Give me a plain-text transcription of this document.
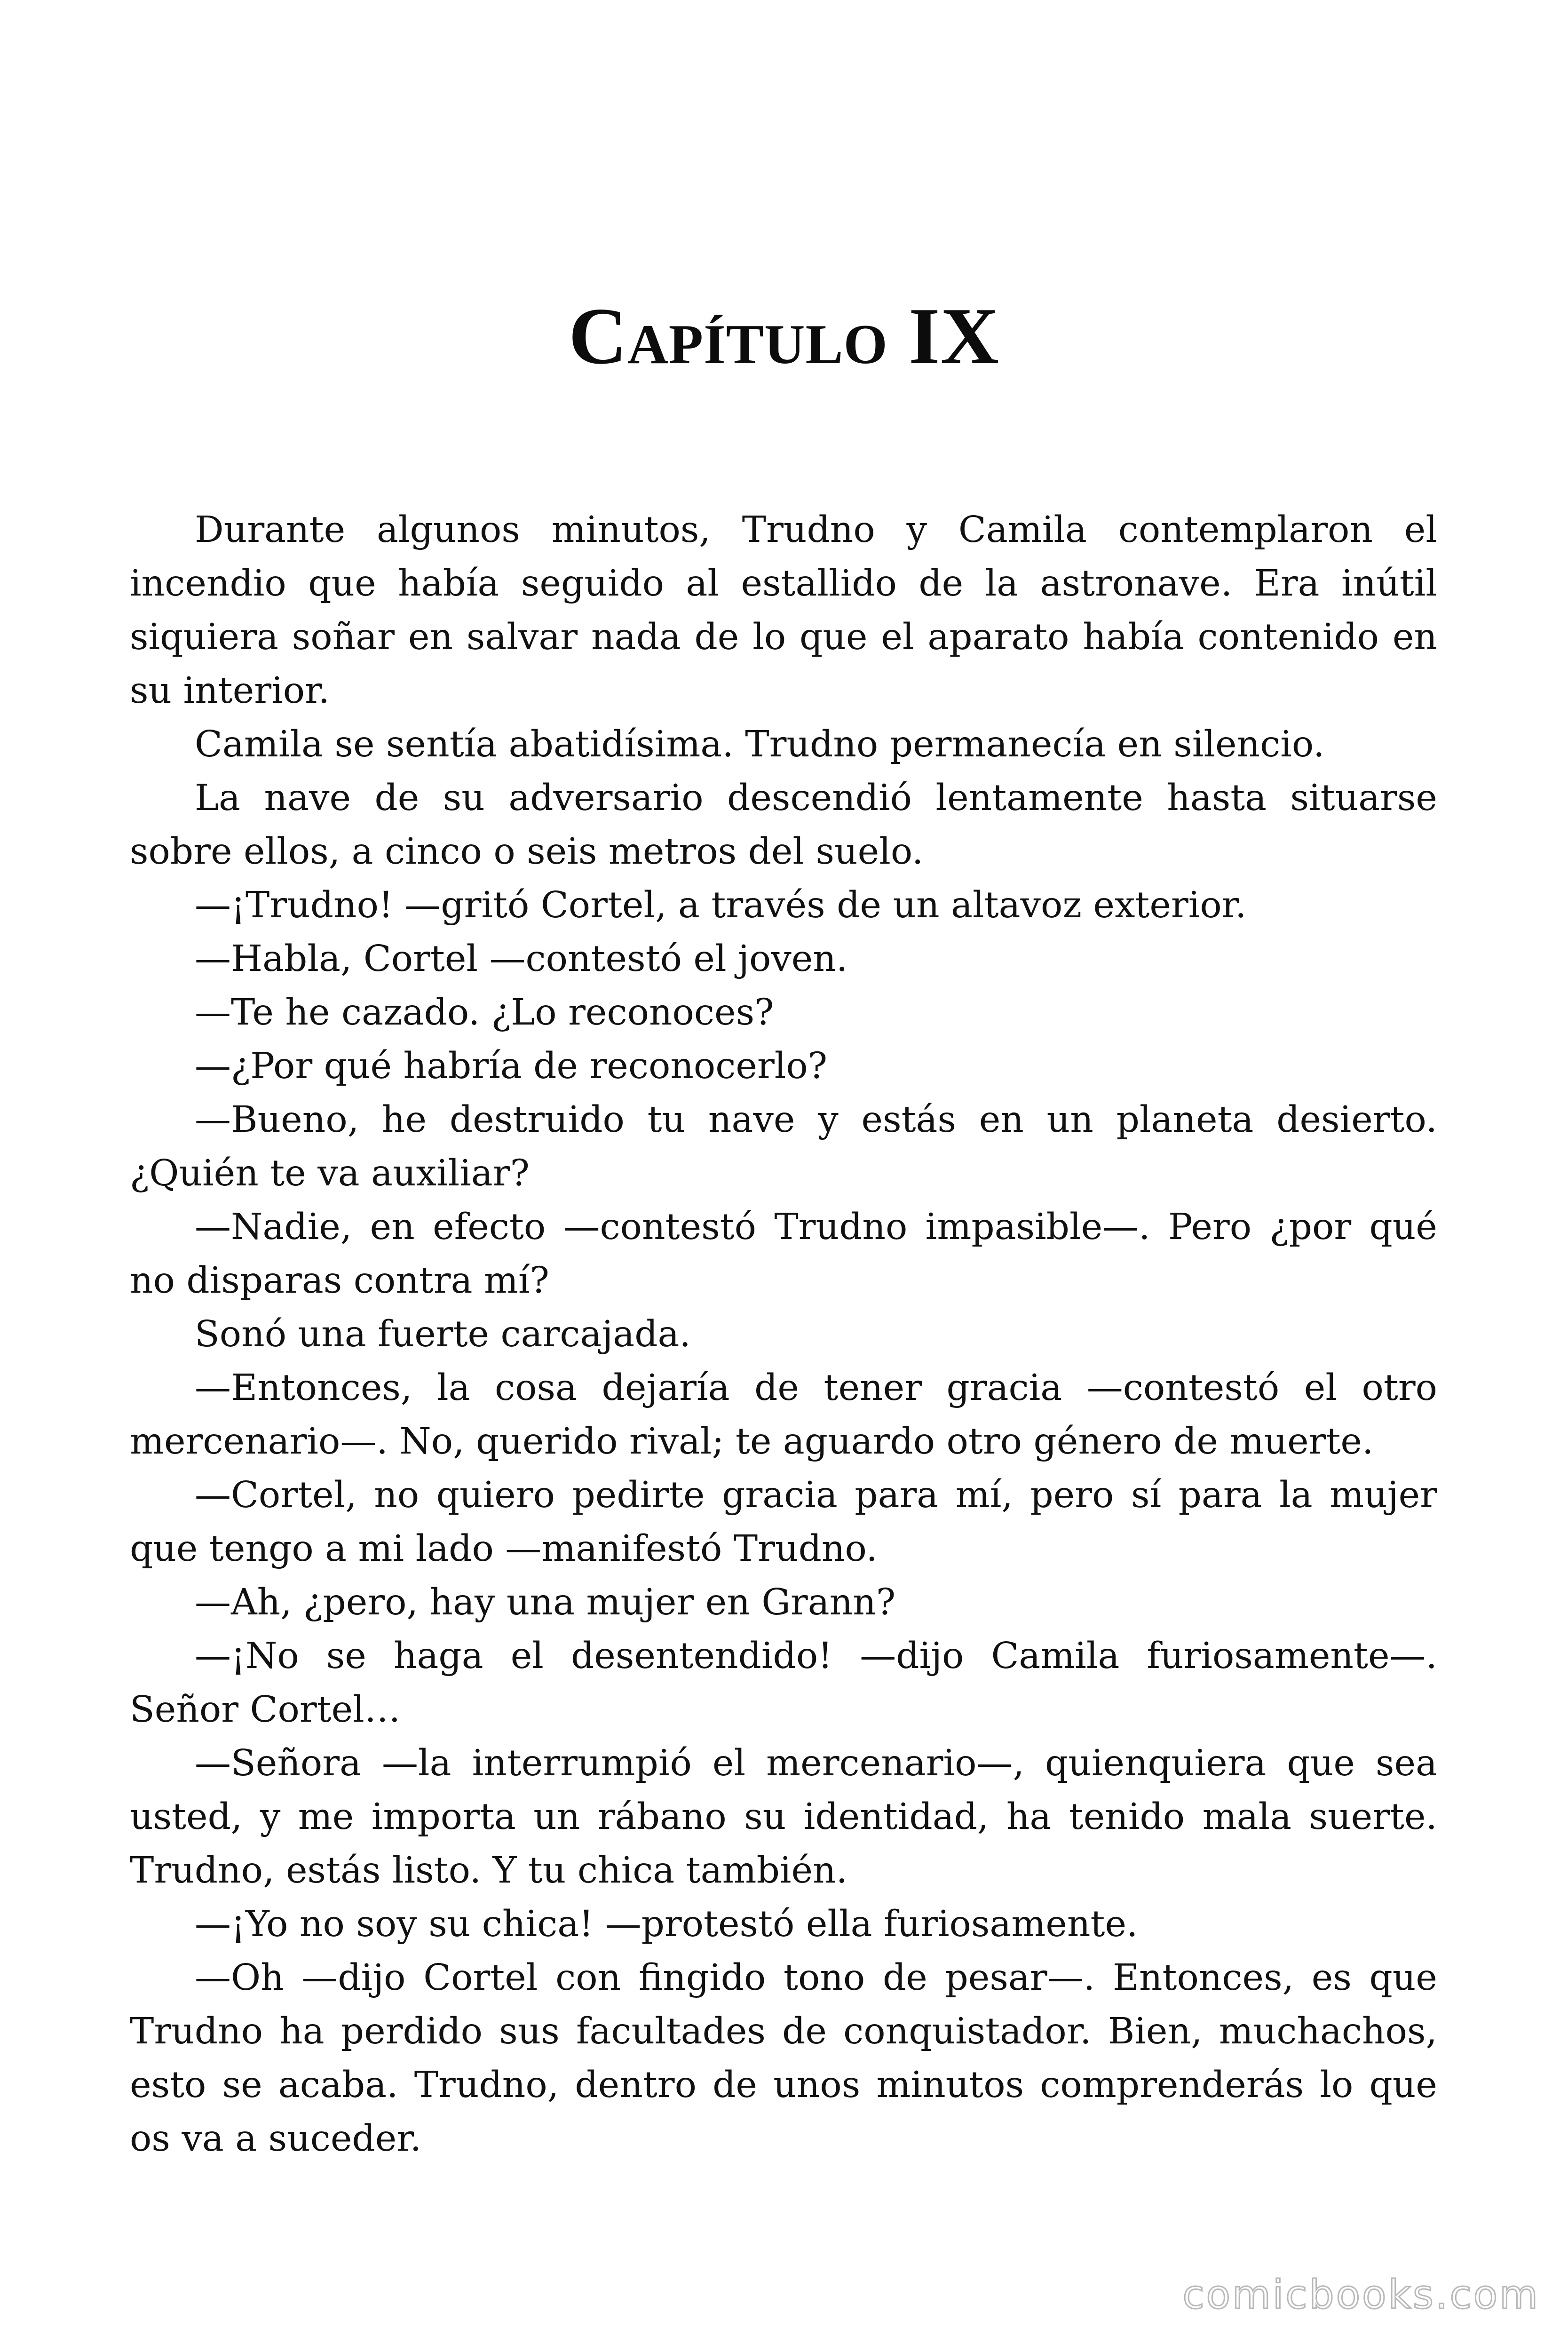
Capítulo IX

Durante algunos minutos, Trudno y Camila contemplaron el incendio que había seguido al estallido de la astronave. Era inútil siquiera soñar en salvar nada de lo que el aparato había contenido en su interior.

Camila se sentía abatidísima. Trudno permanecía en silencio.

La nave de su adversario descendió lentamente hasta situarse sobre ellos, a cinco o seis metros del suelo.

—¡Trudno! —gritó Cortel, a través de un altavoz exterior.

—Habla, Cortel —contestó el joven.

—Te he cazado. ¿Lo reconoces?

—¿Por qué habría de reconocerlo?

—Bueno, he destruido tu nave y estás en un planeta desierto. ¿Quién te va auxiliar?

—Nadie, en efecto —contestó Trudno impasible—. Pero ¿por qué no disparas contra mí?

Sonó una fuerte carcajada.

—Entonces, la cosa dejaría de tener gracia —contestó el otro mercenario—. No, querido rival; te aguardo otro género de muerte.

—Cortel, no quiero pedirte gracia para mí, pero sí para la mujer que tengo a mi lado —manifestó Trudno.

—Ah, ¿pero, hay una mujer en Grann?

—¡No se haga el desentendido! —dijo Camila furiosamente—. Señor Cortel…

—Señora —la interrumpió el mercenario—, quienquiera que sea usted, y me importa un rábano su identidad, ha tenido mala suerte. Trudno, estás listo. Y tu chica también.

—¡Yo no soy su chica! —protestó ella furiosamente.

—Oh —dijo Cortel con fingido tono de pesar—. Entonces, es que Trudno ha perdido sus facultades de conquistador. Bien, muchachos, esto se acaba. Trudno, dentro de unos minutos comprenderás lo que os va a suceder.

comicbooks.com
